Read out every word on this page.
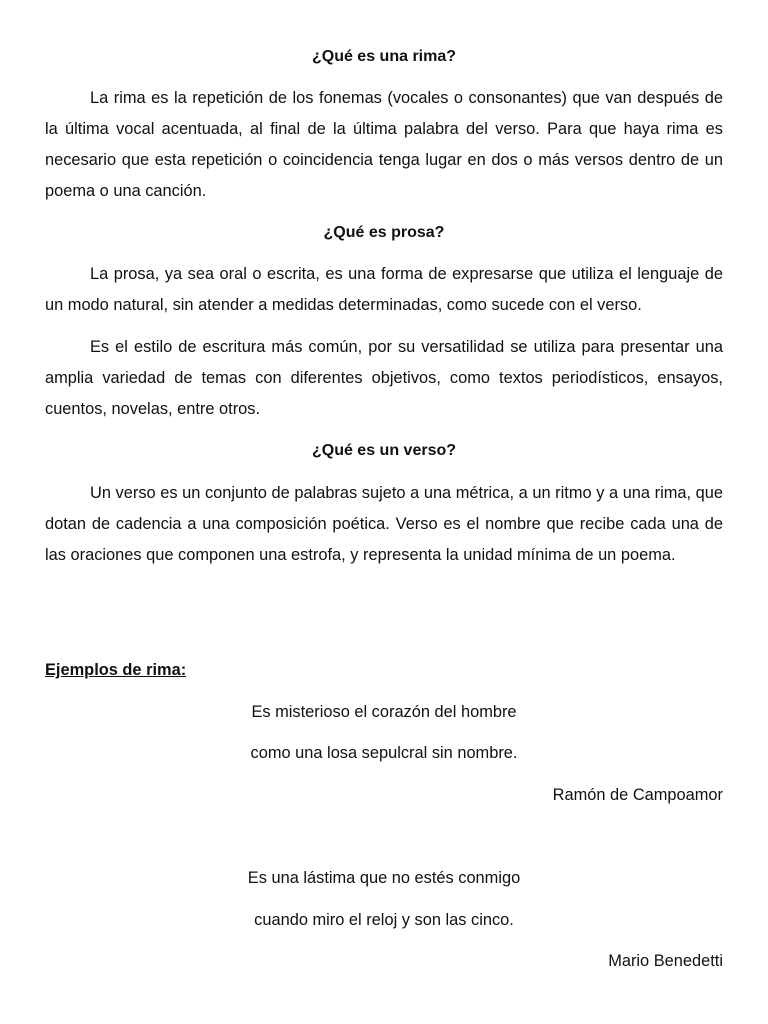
¿Qué es una rima?

La rima es la repetición de los fonemas (vocales o consonantes) que van después de la última vocal acentuada, al final de la última palabra del verso. Para que haya rima es necesario que esta repetición o coincidencia tenga lugar en dos o más versos dentro de un poema o una canción.

¿Qué es prosa?

La prosa, ya sea oral o escrita, es una forma de expresarse que utiliza el lenguaje de un modo natural, sin atender a medidas determinadas, como sucede con el verso.

Es el estilo de escritura más común, por su versatilidad se utiliza para presentar una amplia variedad de temas con diferentes objetivos, como textos periodísticos, ensayos, cuentos, novelas, entre otros.

¿Qué es un verso?

Un verso es un conjunto de palabras sujeto a una métrica, a un ritmo y a una rima, que dotan de cadencia a una composición poética. Verso es el nombre que recibe cada una de las oraciones que componen una estrofa, y representa la unidad mínima de un poema.

Ejemplos de rima:

Es misterioso el corazón del hombre

como una losa sepulcral sin nombre.

Ramón de Campoamor

Es una lástima que no estés conmigo

cuando miro el reloj y son las cinco.

Mario Benedetti
